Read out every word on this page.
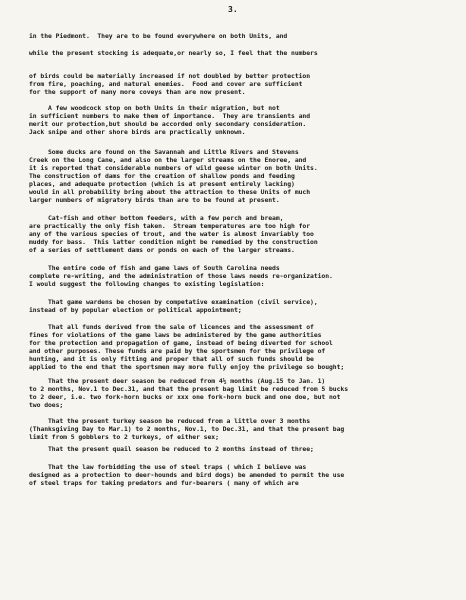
3.
in the Piedmont.  They are to be found everywhere on both Units, and
while the present stocking is adequate,or nearly so, I feel that the numbers
of birds could be materially increased if not doubled by better protection
from fire, poaching, and natural enemies.  Food and cover are sufficient
for the support of many more coveys than are now present.
A few woodcock stop on both Units in their migration, but not
in sufficient numbers to make them of importance.  They are transients and
merit our protection,but should be accorded only secondary consideration.
Jack snipe and other shore birds are practically unknown.
Some ducks are found on the Savannah and Little Rivers and Stevens
Creek on the Long Cane, and also on the larger streams on the Enoree, and
it is reported that considerable numbers of wild geese winter on both Units.
The construction of dams for the creation of shallow ponds and feeding
places, and adequate protection (which is at present entirely lacking)
would in all probability bring about the attraction to these Units of much
larger numbers of migratory birds than are to be found at present.
Cat-fish and other bottom feeders, with a few perch and bream,
are practically the only fish taken.  Stream temperatures are too high for
any of the various species of trout, and the water is almost invariably too
muddy for bass.  This latter condition might be remedied by the construction
of a series of settlement dams or ponds on each of the larger streams.
The entire code of fish and game laws of South Carolina needs
complete re-writing, and the administration of those laws needs re-organization.
I would suggest the following changes to existing legislation:
That game wardens be chosen by competative examination (civil service),
instead of by popular election or political appointment;
That all funds derived from the sale of licences and the assessment of
fines for violations of the game laws be administered by the game authorities
for the protection and propagation of game, instead of being diverted for school
and other purposes. These funds are paid by the sportsmen for the privilege of
hunting, and it is only fitting and proper that all of such funds should be
applied to the end that the sportsmen may more fully enjoy the privilege so bought;
That the present deer season be reduced from 4½ months (Aug.15 to Jan. 1)
to 2 months, Nov.1 to Dec.31, and that the present bag limit be reduced from 5 bucks
to 2 deer, i.e. two fork-horn bucks or xxx one fork-horn buck and one doe, but not
two does;
That the present turkey season be reduced from a little over 3 months
(Thanksgiving Day to Mar.1) to 2 months, Nov.1, to Dec.31, and that the present bag
limit from 5 gobblers to 2 turkeys, of either sex;
That the present quail season be reduced to 2 months instead of three;
That the law forbidding the use of steel traps ( which I believe was
designed as a protection to deer-hounds and bird dogs) be amended to permit the use
of steel traps for taking predators and fur-bearers ( many of which are
